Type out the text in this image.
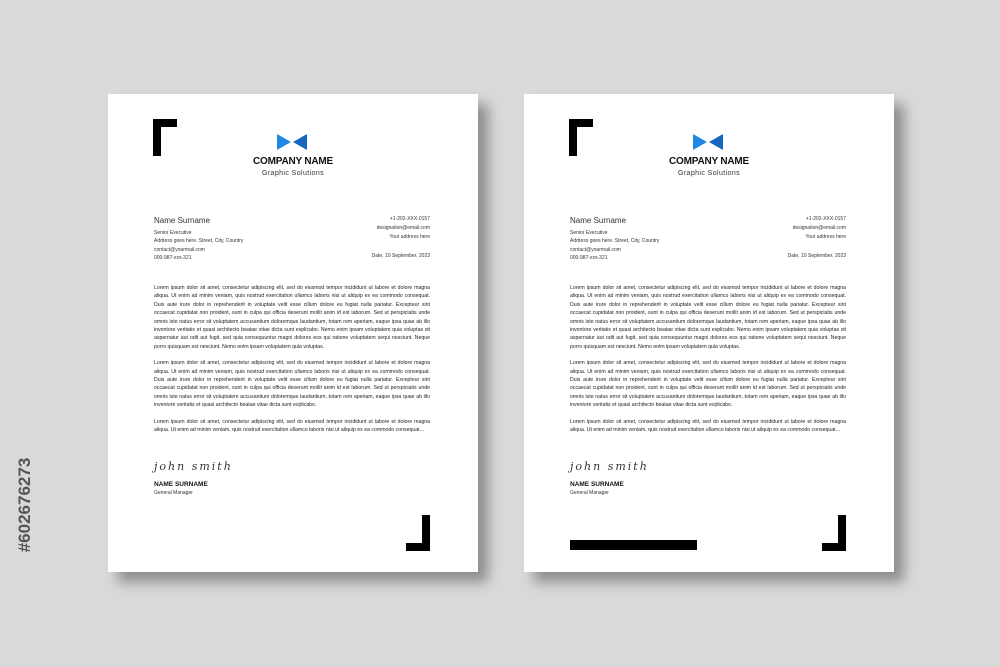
COMPANY NAME
Graphic Solutions
Name Surname
Senior Executive
Address goes here. Street, City, Country
contact@yourmail.com
000-987-xxx-321
+1-202-XXX-0157
designation@email.com
Your address here
Date, 10 September, 2023

Lorem ipsum dolor sit amet, consectetur adipiscing elit, sed do eiusmod tempor incididunt ut labore et dolore magna aliqua. Ut enim ad minim veniam, quis nostrud exercitation ullamco laboris nisi ut aliquip ex ea commodo consequat. Duis aute irure dolor in reprehenderit in voluptate velit esse cillum dolore eu fugiat nulla pariatur. Excepteur sint occaecat cupidatat non proident, sunt in culpa qui officia deserunt mollit anim id est laborum. Sed ut perspiciatis unde omnis iste natus error sit voluptatem accusantium doloremque laudantium, totam rem aperiam, eaque ipsa quae ab illo inventore veritatis et quasi architecto beatae vitae dicta sunt explicabo. Nemo enim ipsam voluptatem quia voluptas sit aspernatur aut odit aut fugit, sed quia consequuntur magni dolores eos qui ratione voluptatem sequi nesciunt. Neque porro quisquam est nesciunt. Nemo enim ipsam voluptatem quia voluptas.

Lorem ipsum dolor sit amet, consectetur adipiscing elit, sed do eiusmod tempor incididunt ut labore et dolore magna aliqua. Ut enim ad minim veniam, quis nostrud exercitation ullamco laboris nisi ut aliquip ex ea commodo consequat. Duis aute irure dolor in reprehenderit in voluptate velit esse cillum dolore eu fugiat nulla pariatur. Excepteur sint occaecat cupidatat non proident, sunt in culpa qui officia deserunt mollit anim id est laborum. Sed ut perspiciatis unde omnis iste natus error sit voluptatem accusantium doloremque laudantium, totam rem aperiam, eaque ipsa quae ab illo inventore veritatis et quasi architecto beatae vitae dicta sunt explicabo.

Lorem ipsum dolor sit amet, consectetur adipiscing elit, sed do eiusmod tempor incididunt ut labore et dolore magna aliqua. Ut enim ad minim veniam, quis nostrud exercitation ullamco laboris nisi ut aliquip ex ea commodo consequat...

john smith
NAME SURNAME
General Manager
COMPANY NAME
Graphic Solutions
Name Surname
Senior Executive
Address goes here. Street, City, Country
contact@yourmail.com
000-987-xxx-321
+1-202-XXX-0157
designation@email.com
Your address here
Date, 10 September, 2023

Lorem ipsum dolor sit amet, consectetur adipiscing elit, sed do eiusmod tempor incididunt ut labore et dolore magna aliqua. Ut enim ad minim veniam, quis nostrud exercitation ullamco laboris nisi ut aliquip ex ea commodo consequat. Duis aute irure dolor in reprehenderit in voluptate velit esse cillum dolore eu fugiat nulla pariatur. Excepteur sint occaecat cupidatat non proident, sunt in culpa qui officia deserunt mollit anim id est laborum. Sed ut perspiciatis unde omnis iste natus error sit voluptatem accusantium doloremque laudantium, totam rem aperiam, eaque ipsa quae ab illo inventore veritatis et quasi architecto beatae vitae dicta sunt explicabo. Nemo enim ipsam voluptatem quia voluptas sit aspernatur aut odit aut fugit, sed quia consequuntur magni dolores eos qui ratione voluptatem sequi nesciunt. Neque porro quisquam est nesciunt. Nemo enim ipsam voluptatem quia voluptas.

Lorem ipsum dolor sit amet, consectetur adipiscing elit, sed do eiusmod tempor incididunt ut labore et dolore magna aliqua. Ut enim ad minim veniam, quis nostrud exercitation ullamco laboris nisi ut aliquip ex ea commodo consequat. Duis aute irure dolor in reprehenderit in voluptate velit esse cillum dolore eu fugiat nulla pariatur. Excepteur sint occaecat cupidatat non proident, sunt in culpa qui officia deserunt mollit anim id est laborum. Sed ut perspiciatis unde omnis iste natus error sit voluptatem accusantium doloremque laudantium, totam rem aperiam, eaque ipsa quae ab illo inventore veritatis et quasi architecto beatae vitae dicta sunt explicabo.

Lorem ipsum dolor sit amet, consectetur adipiscing elit, sed do eiusmod tempor incididunt ut labore et dolore magna aliqua. Ut enim ad minim veniam, quis nostrud exercitation ullamco laboris nisi ut aliquip ex ea commodo consequat...

john smith
NAME SURNAME
General Manager
#602676273
